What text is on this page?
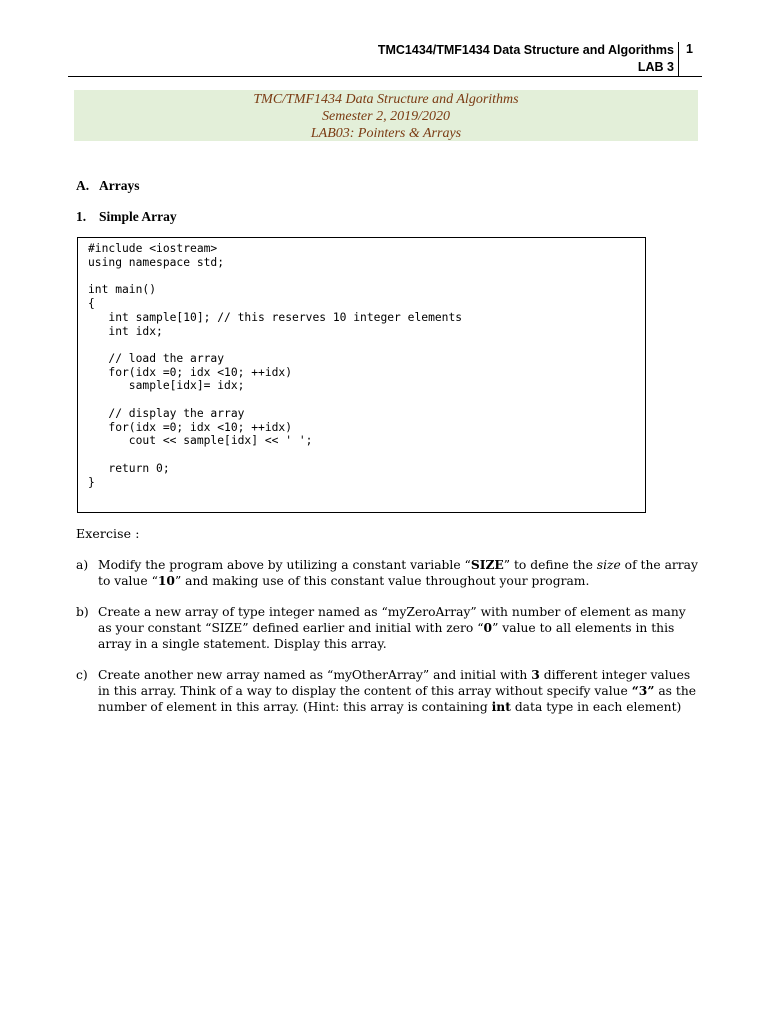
TMC1434/TMF1434 Data Structure and Algorithms
LAB 3
1
TMC/TMF1434 Data Structure and Algorithms
Semester 2, 2019/2020
LAB03: Pointers & Arrays
A. Arrays
1. Simple Array
#include <iostream>
using namespace std;
int main()
{
int sample[10]; // this reserves 10 integer elements
int idx;
// load the array
for(idx =0; idx <10; ++idx)
sample[idx]= idx;
// display the array
for(idx =0; idx <10; ++idx)
cout << sample[idx] << ' ';
return 0;
}
Exercise :
a) Modify the program above by utilizing a constant variable “SIZE” to define the size of the array to value “10” and making use of this constant value throughout your program.
b) Create a new array of type integer named as “myZeroArray” with number of element as many as your constant “SIZE” defined earlier and initial with zero “0” value to all elements in this array in a single statement. Display this array.
c) Create another new array named as “myOtherArray” and initial with 3 different integer values in this array. Think of a way to display the content of this array without specify value “3” as the number of element in this array. (Hint: this array is containing int data type in each element)
